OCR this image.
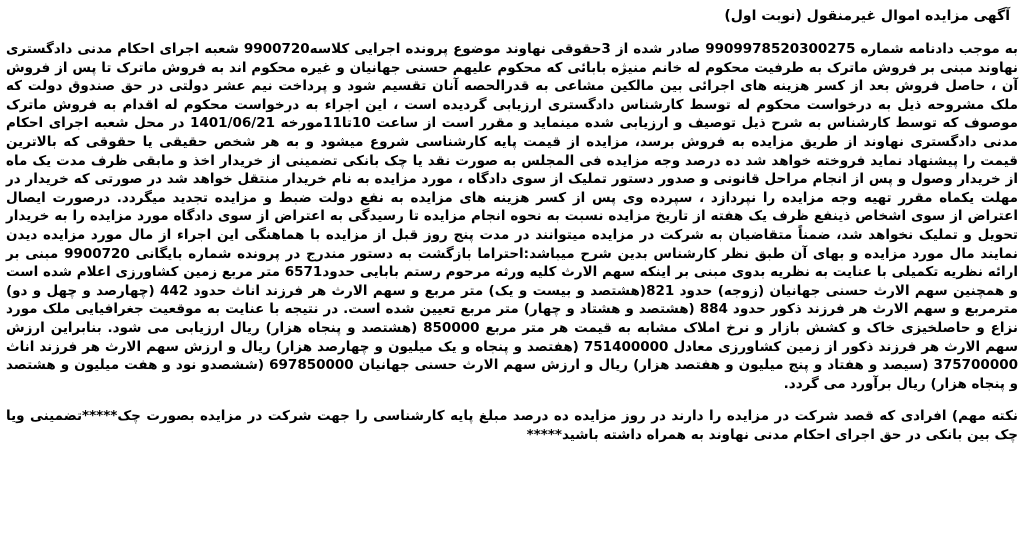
آگهی مزایده اموال غیرمنقول (نوبت اول)

به موجب دادنامه شماره 9909978520300275 صادر شده از 3حقوقی نهاوند موضوع پرونده اجرایی کلاسه9900720 شعبه اجرای احکام مدنی دادگستری نهاوند مبنی بر فروش ماترک به طرفیت محکوم له خانم منیژه بابائی که محکوم علیهم حسنی جهانیان و غیره محکوم اند به فروش ماترک تا پس از فروش آن ، حاصل فروش بعد از کسر هزینه های اجرائی بین مالکین مشاعی به قدرالحصه آنان تقسیم شود و پرداخت نیم عشر دولتی در حق صندوق دولت که ملک مشروحه ذیل به درخواست محکوم له توسط کارشناس دادگستری ارزیابی گردیده است ، این اجراء به درخواست محکوم له اقدام به فروش ماترک موصوف که توسط کارشناس به شرح ذیل توصیف و ارزیابی شده مینماید و مقرر است از ساعت 10تا11مورخه 1401/06/21 در محل شعبه اجرای احکام مدنی دادگستری نهاوند از طریق مزایده به فروش برسد، مزایده از قیمت پایه کارشناسی شروع میشود و به هر شخص حقیقی یا حقوقی که بالاترین قیمت را پیشنهاد نماید فروخته خواهد شد ده درصد وجه مزایده فی المجلس به صورت نقد یا چک بانکی تضمینی از خریدار اخذ و مابقی ظرف مدت یک ماه از خریدار وصول و پس از انجام مراحل قانونی و صدور دستور تملیک از سوی دادگاه ، مورد مزایده به نام خریدار منتقل خواهد شد در صورتی که خریدار در مهلت یکماه مقرر تهیه وجه مزایده را نپردازد ، سپرده وی پس از کسر هزینه های مزایده به نفع دولت ضبط و مزایده تجدید میگردد. درصورت ایصال اعتراض از سوی اشخاص ذینفع ظرف یک هفته از تاریخ مزایده نسبت به نحوه انجام مزایده تا رسیدگی به اعتراض از سوی دادگاه مورد مزایده را به خریدار تحویل و تملیک نخواهد شد، ضمناً متقاضیان به شرکت در مزایده میتوانند در مدت پنج روز قبل از مزایده با هماهنگی این اجراء از مال مورد مزایده دیدن نمایند مال مورد مزایده و بهای آن طبق نظر کارشناس بدین شرح میباشد:احتراما بازگشت به دستور مندرج در پرونده شماره بایگانی 9900720 مبنی بر ارائه نظریه تکمیلی با عنایت به نظریه بدوی مبنی بر اینکه سهم الارث کلیه ورثه مرحوم رستم بابایی حدود6571 متر مربع زمین کشاورزی اعلام شده است و همچنین سهم الارث حسنی جهانیان (زوجه) حدود 821(هشتصد و بیست و یک) متر مربع و سهم الارث هر فرزند اناث حدود 442 (چهارصد و چهل و دو) مترمربع و سهم الارث هر فرزند ذکور حدود 884 (هشتصد و هشتاد و چهار) متر مربع تعیین شده است. در نتیجه با عنایت به موقعیت جغرافیایی ملک مورد نزاع و حاصلخیزی خاک و کشش بازار و نرخ املاک مشابه به قیمت هر متر مربع 850000 (هشتصد و پنجاه هزار) ریال ارزیابی می شود. بنابراین ارزش سهم الارث هر فرزند ذکور از زمین کشاورزی معادل 751400000 (هفتصد و پنجاه و یک میلیون و چهارصد هزار) ریال و ارزش سهم الارث هر فرزند اناث 375700000 (سیصد و هفتاد و پنج میلیون و هفتصد هزار) ریال و ارزش سهم الارث حسنی جهانیان 697850000 (ششصدو نود و هفت میلیون و هشتصد و پنجاه هزار) ریال برآورد می گردد.

نکته مهم) افرادی که قصد شرکت در مزایده را دارند در روز مزایده ده درصد مبلغ پایه کارشناسی را جهت شرکت در مزایده بصورت چک*****تضمینی ویا چک بین بانکی در حق اجرای احکام مدنی نهاوند به همراه داشته باشید*****
